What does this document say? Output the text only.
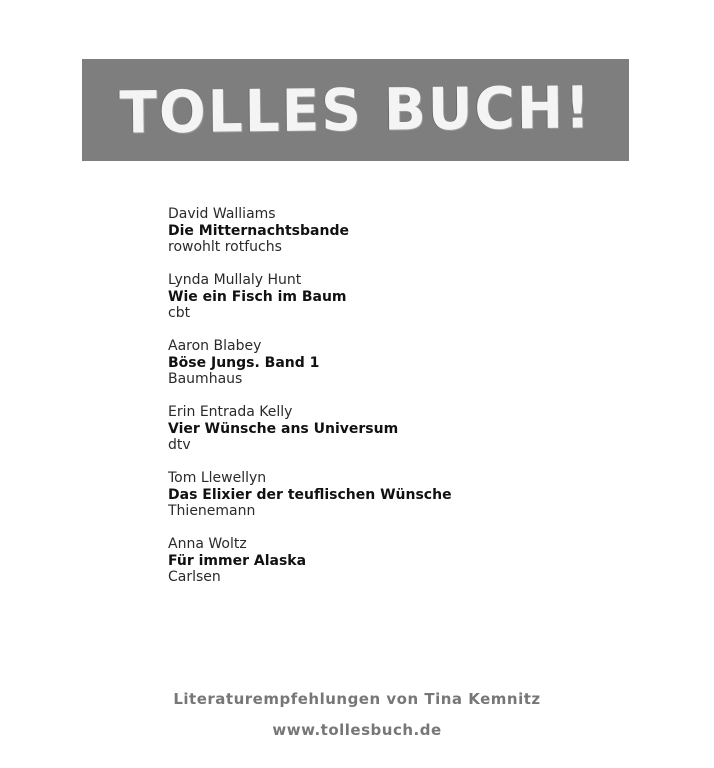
TOLLES BUCH!
David Walliams
Die Mitternachtsbande
rowohlt rotfuchs
Lynda Mullaly Hunt
Wie ein Fisch im Baum
cbt
Aaron Blabey
Böse Jungs. Band 1
Baumhaus
Erin Entrada Kelly
Vier Wünsche ans Universum
dtv
Tom Llewellyn
Das Elixier der teuflischen Wünsche
Thienemann
Anna Woltz
Für immer Alaska
Carlsen
Literaturempfehlungen von Tina Kemnitz
www.tollesbuch.de
